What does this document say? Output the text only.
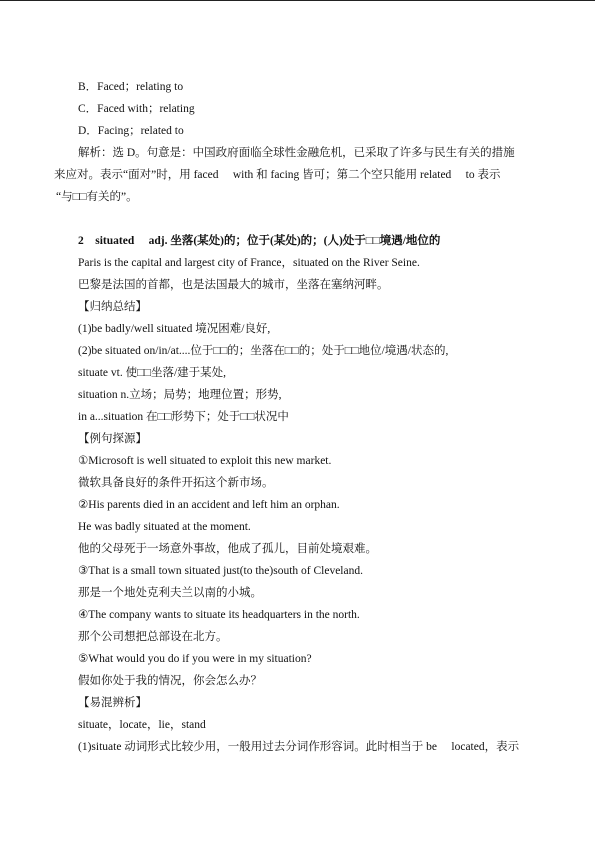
B．Faced；relating to
C．Faced with；relating
D．Facing；related to
解析：选 D。句意是：中国政府面临全球性金融危机，已采取了许多与民生有关的措施
来应对。表示“面对”时，用 faced　 with 和 facing 皆可；第二个空只能用 related　 to 表示
“与□□有关的”。
2　situated　 adj. 坐落(某处)的；位于(某处)的；(人)处于□□境遇/地位的
Paris is the capital and largest city of France，situated on the River Seine.
巴黎是法国的首都，也是法国最大的城市，坐落在塞纳河畔。
【归纳总结】
(1)be badly/well situated 境况困难/良好,
(2)be situated on/in/at....位于□□的；坐落在□□的；处于□□地位/境遇/状态的,
situate vt. 使□□坐落/建于某处,
situation n.立场；局势；地理位置；形势,
in a...situation 在□□形势下；处于□□状况中
【例句探源】
①Microsoft is well situated to exploit this new market.
微软具备良好的条件开拓这个新市场。
②His parents died in an accident and left him an orphan.
He was badly situated at the moment.
他的父母死于一场意外事故，他成了孤儿，目前处境艰难。
③That is a small town situated just(to the)south of Cleveland.
那是一个地处克利夫兰以南的小城。
④The company wants to situate its headquarters in the north.
那个公司想把总部设在北方。
⑤What would you do if you were in my situation?
假如你处于我的情况，你会怎么办？
【易混辨析】
situate，locate，lie，stand
(1)situate 动词形式比较少用，一般用过去分词作形容词。此时相当于 be　 located，表示
